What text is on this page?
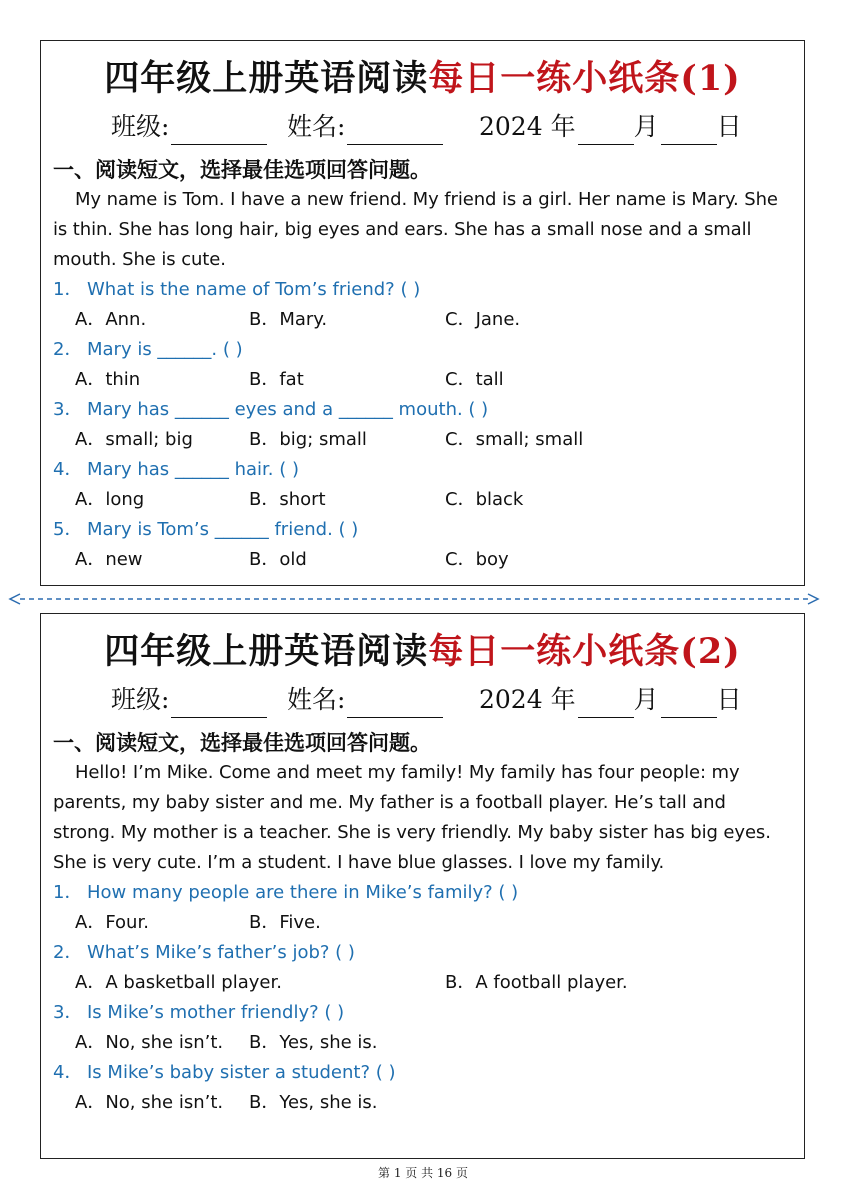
四年级上册英语阅读每日一练小纸条(1)
班级:	姓名:	2024 年 月 日
一、阅读短文，选择最佳选项回答问题。
My name is Tom. I have a new friend. My friend is a girl. Her name is Mary. She is thin. She has long hair, big eyes and ears. She has a small nose and a small mouth. She is cute.
1． What is the name of Tom’s friend? ( )
A．Ann.	B．Mary.	C．Jane.
2． Mary is ______. ( )
A．thin	B．fat	C．tall
3． Mary has ______ eyes and a ______ mouth. ( )
A．small; big	B．big; small	C．small; small
4． Mary has ______ hair. ( )
A．long	B．short	C．black
5． Mary is Tom’s ______ friend. ( )
A．new	B．old	C．boy
四年级上册英语阅读每日一练小纸条(2)
班级:	姓名:	2024 年 月 日
一、阅读短文，选择最佳选项回答问题。
Hello! I’m Mike. Come and meet my family! My family has four people: my parents, my baby sister and me. My father is a football player. He’s tall and strong. My mother is a teacher. She is very friendly. My baby sister has big eyes. She is very cute. I’m a student. I have blue glasses. I love my family.
1． How many people are there in Mike’s family? ( )
A．Four.	B．Five.
2． What’s Mike’s father’s job? ( )
A．A basketball player.	B．A football player.
3． Is Mike’s mother friendly? ( )
A．No, she isn’t. B．Yes, she is.
4． Is Mike’s baby sister a student? ( )
A．No, she isn’t. B．Yes, she is.
第 1 页 共 16 页
